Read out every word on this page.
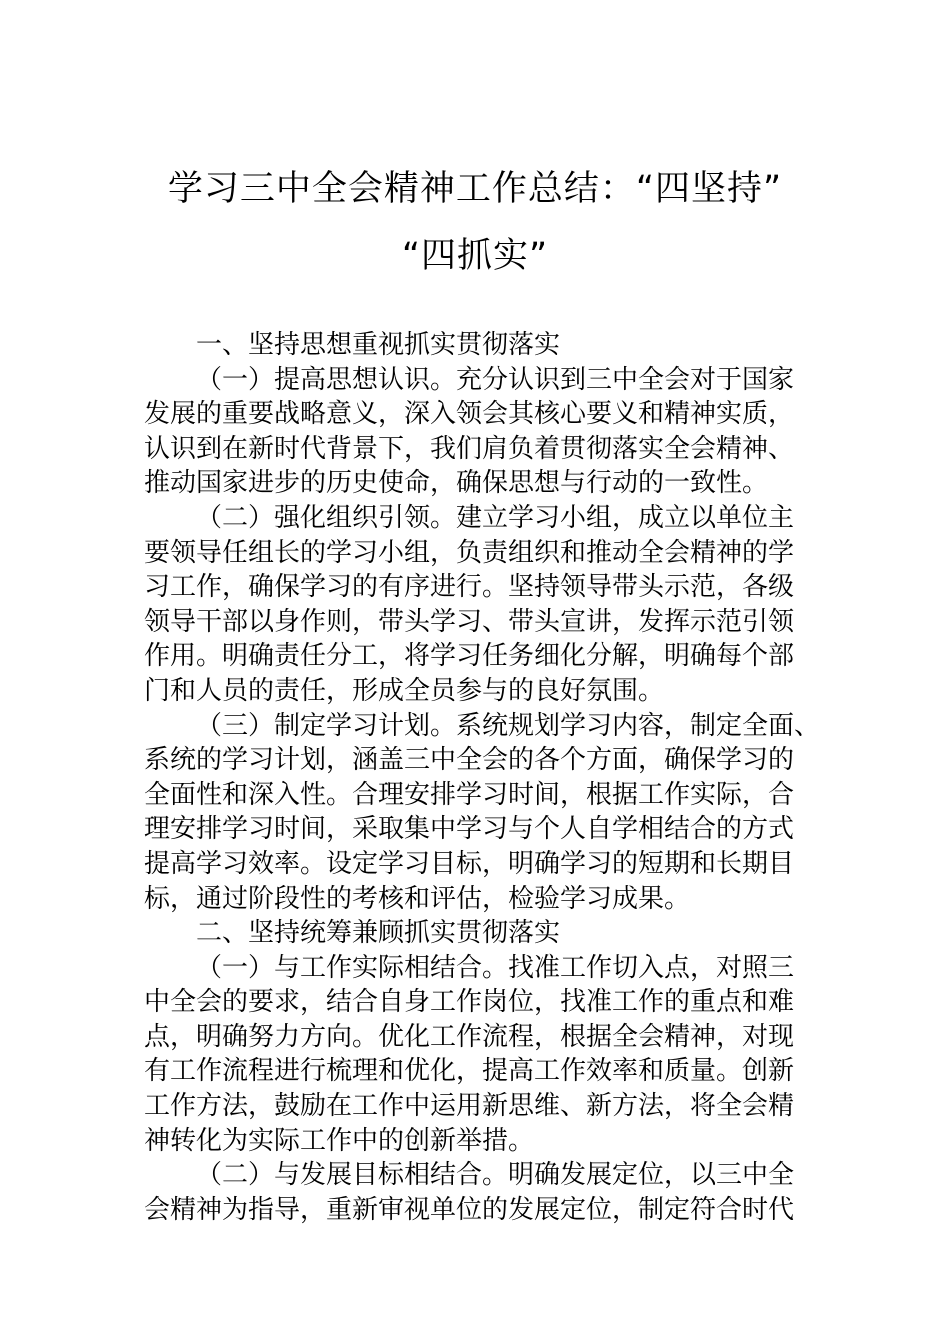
学习三中全会精神工作总结：“四坚持”
“四抓实”
一、坚持思想重视抓实贯彻落实
（一）提高思想认识。充分认识到三中全会对于国家
发展的重要战略意义，深入领会其核心要义和精神实质，
认识到在新时代背景下，我们肩负着贯彻落实全会精神、
推动国家进步的历史使命，确保思想与行动的一致性。
（二）强化组织引领。建立学习小组，成立以单位主
要领导任组长的学习小组，负责组织和推动全会精神的学
习工作，确保学习的有序进行。坚持领导带头示范，各级
领导干部以身作则，带头学习、带头宣讲，发挥示范引领
作用。明确责任分工，将学习任务细化分解，明确每个部
门和人员的责任，形成全员参与的良好氛围。
（三）制定学习计划。系统规划学习内容，制定全面、
系统的学习计划，涵盖三中全会的各个方面，确保学习的
全面性和深入性。合理安排学习时间，根据工作实际，合
理安排学习时间，采取集中学习与个人自学相结合的方式
提高学习效率。设定学习目标，明确学习的短期和长期目
标，通过阶段性的考核和评估，检验学习成果。
二、坚持统筹兼顾抓实贯彻落实
（一）与工作实际相结合。找准工作切入点，对照三
中全会的要求，结合自身工作岗位，找准工作的重点和难
点，明确努力方向。优化工作流程，根据全会精神，对现
有工作流程进行梳理和优化，提高工作效率和质量。创新
工作方法，鼓励在工作中运用新思维、新方法，将全会精
神转化为实际工作中的创新举措。
（二）与发展目标相结合。明确发展定位，以三中全
会精神为指导，重新审视单位的发展定位，制定符合时代
